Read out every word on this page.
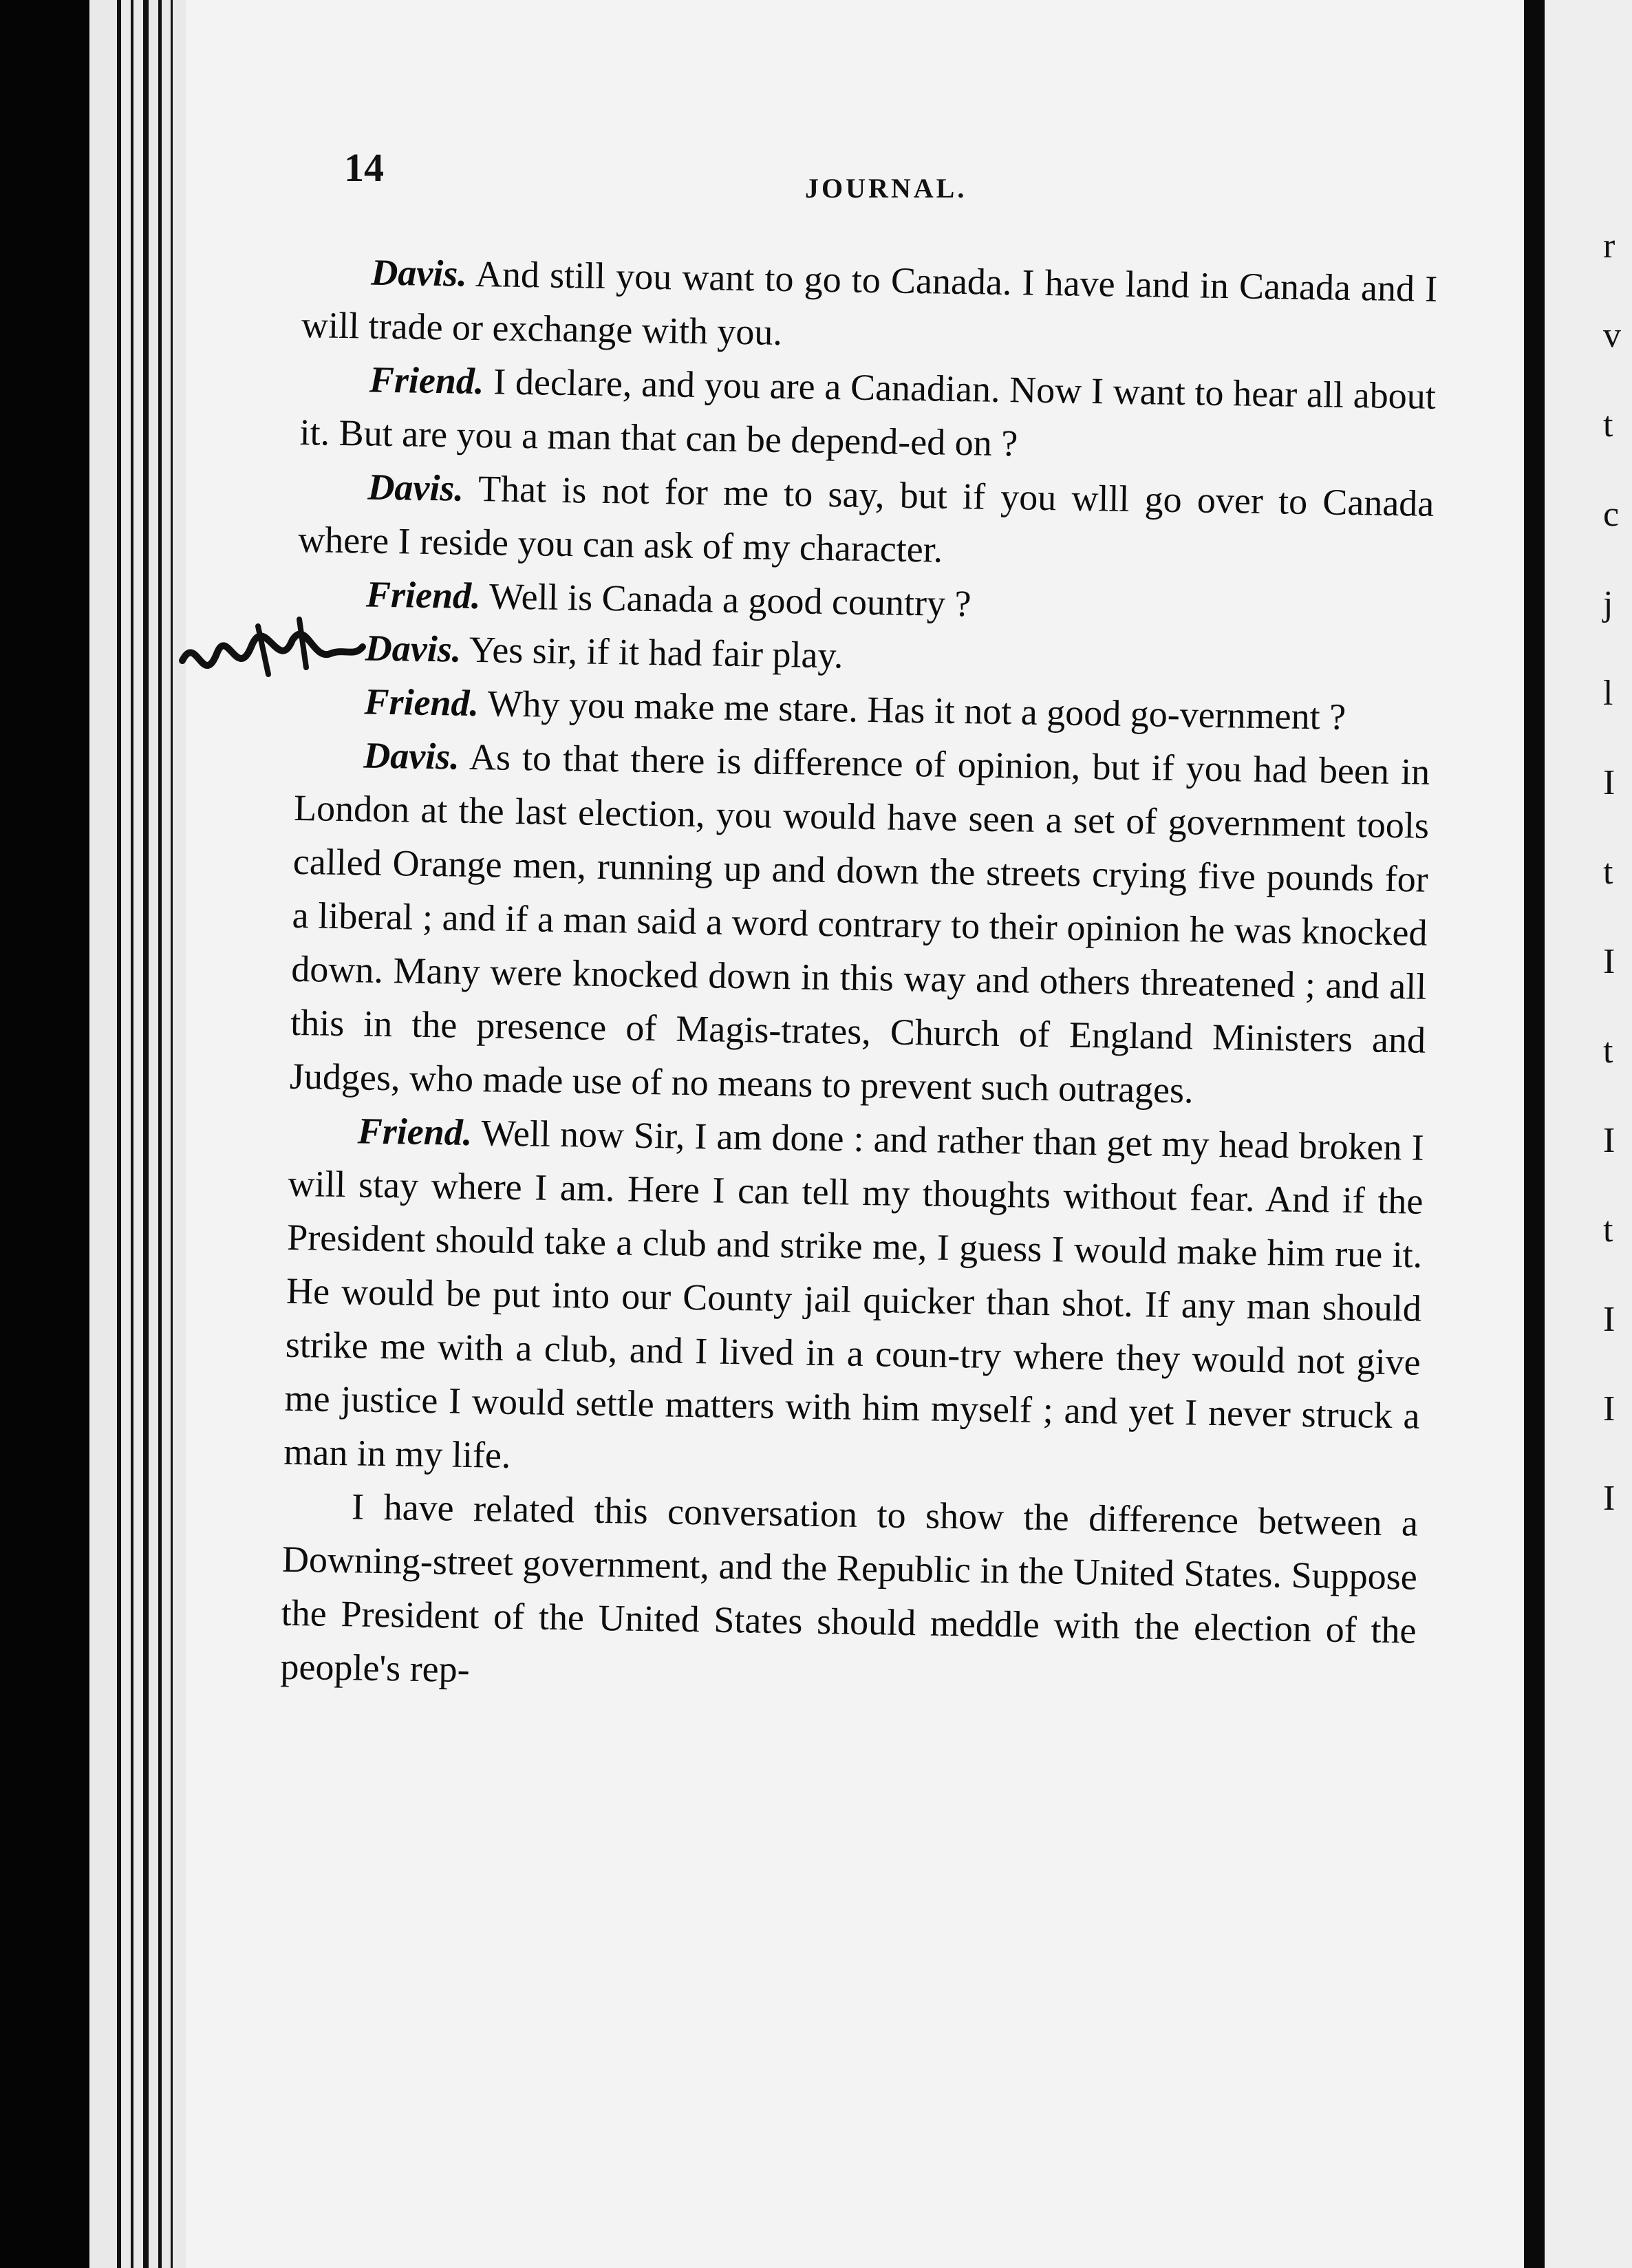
r
v
t
c
j
l
I
t
I
t
I
t
I
I
I
14	JOURNAL.

Davis. And still you want to go to Canada. I have land in Canada and I will trade or exchange with you.

Friend. I declare, and you are a Canadian. Now I want to hear all about it. But are you a man that can be depend-ed on ?

Davis. That is not for me to say, but if you wlll go over to Canada where I reside you can ask of my character.

Friend. Well is Canada a good country ?

Davis. Yes sir, if it had fair play.

Friend. Why you make me stare. Has it not a good go-vernment ?

Davis. As to that there is difference of opinion, but if you had been in London at the last election, you would have seen a set of government tools called Orange men, running up and down the streets crying five pounds for a liberal ; and if a man said a word contrary to their opinion he was knocked down. Many were knocked down in this way and others threatened ; and all this in the presence of Magis-trates, Church of England Ministers and Judges, who made use of no means to prevent such outrages.

Friend. Well now Sir, I am done : and rather than get my head broken I will stay where I am. Here I can tell my thoughts without fear. And if the President should take a club and strike me, I guess I would make him rue it. He would be put into our County jail quicker than shot. If any man should strike me with a club, and I lived in a coun-try where they would not give me justice I would settle matters with him myself ; and yet I never struck a man in my life.

I have related this conversation to show the difference between a Downing-street government, and the Republic in the United States. Suppose the President of the United States should meddle with the election of the people's rep-
